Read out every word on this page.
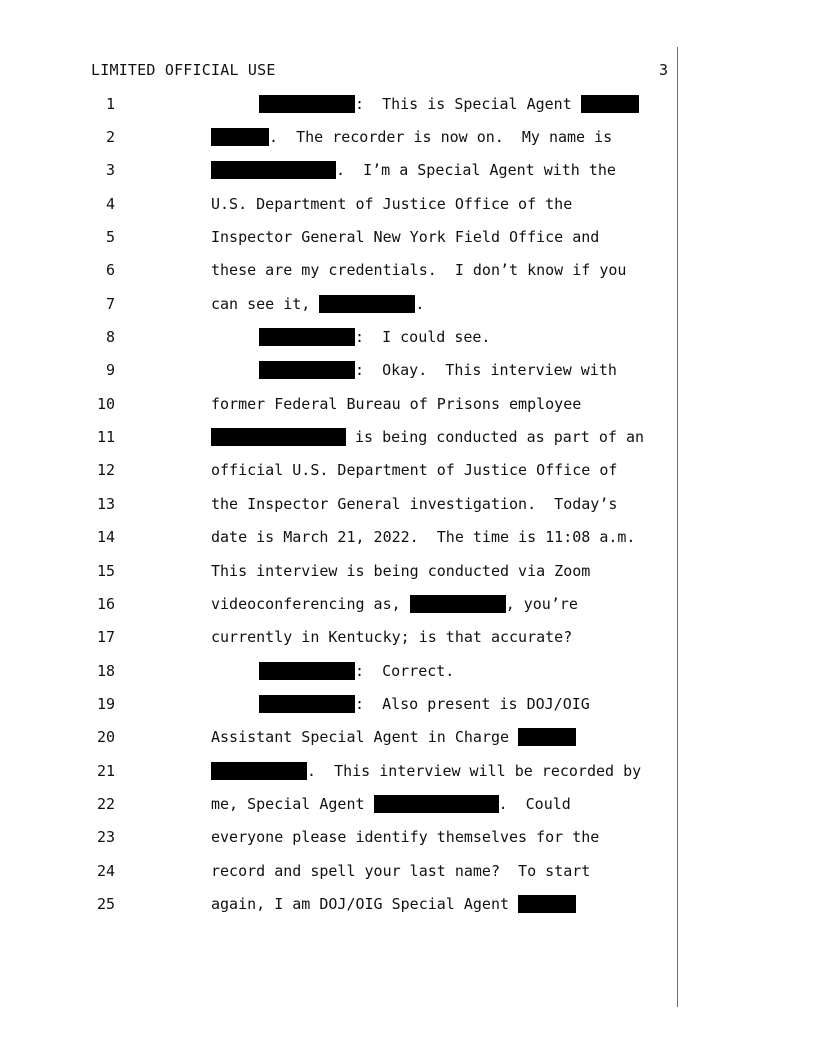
LIMITED OFFICIAL USE	3
1	:  This is Special Agent
2	.  The recorder is now on.  My name is
3	.  I’m a Special Agent with the
4	U.S. Department of Justice Office of the
5	Inspector General New York Field Office and
6	these are my credentials.  I don’t know if you
7	can see it,	.
8	:  I could see.
9	:  Okay.  This interview with
10	former Federal Bureau of Prisons employee
11	is being conducted as part of an
12	official U.S. Department of Justice Office of
13	the Inspector General investigation.  Today’s
14	date is March 21, 2022.  The time is 11:08 a.m.
15	This interview is being conducted via Zoom
16	videoconferencing as,	, you’re
17	currently in Kentucky; is that accurate?
18	:  Correct.
19	:  Also present is DOJ/OIG
20	Assistant Special Agent in Charge
21	.  This interview will be recorded by
22	me, Special Agent	.  Could
23	everyone please identify themselves for the
24	record and spell your last name?  To start
25	again, I am DOJ/OIG Special Agent
